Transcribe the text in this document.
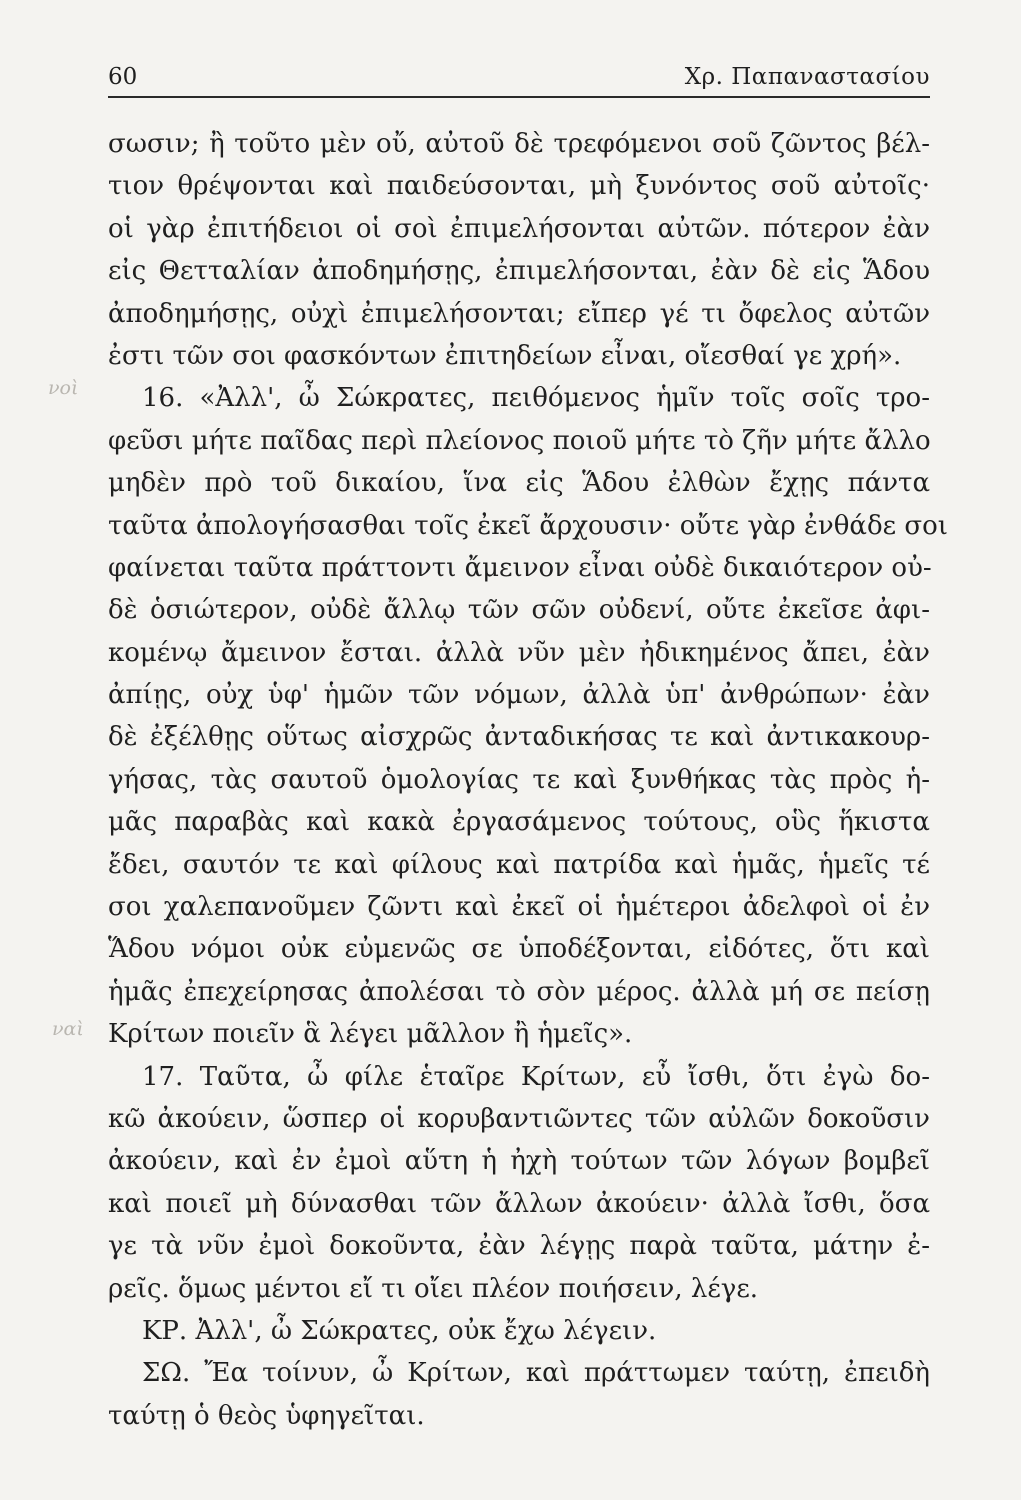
60	Χρ. Παπαναστασίου
νοὶ
ναὶ
σωσιν; ἢ τοῦτο μὲν οὔ, αὐτοῦ δὲ τρεφόμενοι σοῦ ζῶντος βέλ-
τιον θρέψονται καὶ παιδεύσονται, μὴ ξυνόντος σοῦ αὐτοῖς·
οἱ γὰρ ἐπιτήδειοι οἱ σοὶ ἐπιμελήσονται αὐτῶν. πότερον ἐὰν
εἰς Θετταλίαν ἀποδημήσῃς, ἐπιμελήσονται, ἐὰν δὲ εἰς Ἅδου
ἀποδημήσῃς, οὐχὶ ἐπιμελήσονται; εἴπερ γέ τι ὄφελος αὐτῶν
ἐστι τῶν σοι φασκόντων ἐπιτηδείων εἶναι, οἴεσθαί γε χρή».
16. «Ἀλλ', ὦ Σώκρατες, πειθόμενος ἡμῖν τοῖς σοῖς τρο-
φεῦσι μήτε παῖδας περὶ πλείονος ποιοῦ μήτε τὸ ζῆν μήτε ἄλλο
μηδὲν πρὸ τοῦ δικαίου, ἵνα εἰς Ἅδου ἐλθὼν ἔχῃς πάντα
ταῦτα ἀπολογήσασθαι τοῖς ἐκεῖ ἄρχουσιν· οὔτε γὰρ ἐνθάδε σοι
φαίνεται ταῦτα πράττοντι ἄμεινον εἶναι οὐδὲ δικαιότερον οὐ-
δὲ ὁσιώτερον, οὐδὲ ἄλλῳ τῶν σῶν οὐδενί, οὔτε ἐκεῖσε ἀφι-
κομένῳ ἄμεινον ἔσται. ἀλλὰ νῦν μὲν ἠδικημένος ἄπει, ἐὰν
ἀπίῃς, οὐχ ὑφ' ἡμῶν τῶν νόμων, ἀλλὰ ὑπ' ἀνθρώπων· ἐὰν
δὲ ἐξέλθῃς οὕτως αἰσχρῶς ἀνταδικήσας τε καὶ ἀντικακουρ-
γήσας, τὰς σαυτοῦ ὁμολογίας τε καὶ ξυνθήκας τὰς πρὸς ἡ-
μᾶς παραβὰς καὶ κακὰ ἐργασάμενος τούτους, οὓς ἥκιστα
ἔδει, σαυτόν τε καὶ φίλους καὶ πατρίδα καὶ ἡμᾶς, ἡμεῖς τέ
σοι χαλεπανοῦμεν ζῶντι καὶ ἐκεῖ οἱ ἡμέτεροι ἀδελφοὶ οἱ ἐν
Ἅδου νόμοι οὐκ εὐμενῶς σε ὑποδέξονται, εἰδότες, ὅτι καὶ
ἡμᾶς ἐπεχείρησας ἀπολέσαι τὸ σὸν μέρος. ἀλλὰ μή σε πείσῃ
Κρίτων ποιεῖν ἃ λέγει μᾶλλον ἢ ἡμεῖς».
17. Ταῦτα, ὦ φίλε ἑταῖρε Κρίτων, εὖ ἴσθι, ὅτι ἐγὼ δο-
κῶ ἀκούειν, ὥσπερ οἱ κορυβαντιῶντες τῶν αὐλῶν δοκοῦσιν
ἀκούειν, καὶ ἐν ἐμοὶ αὕτη ἡ ἠχὴ τούτων τῶν λόγων βομβεῖ
καὶ ποιεῖ μὴ δύνασθαι τῶν ἄλλων ἀκούειν· ἀλλὰ ἴσθι, ὅσα
γε τὰ νῦν ἐμοὶ δοκοῦντα, ἐὰν λέγῃς παρὰ ταῦτα, μάτην ἐ-
ρεῖς. ὅμως μέντοι εἴ τι οἴει πλέον ποιήσειν, λέγε.
ΚΡ. Ἀλλ', ὦ Σώκρατες, οὐκ ἔχω λέγειν.
ΣΩ. Ἔα τοίνυν, ὦ Κρίτων, καὶ πράττωμεν ταύτῃ, ἐπειδὴ
ταύτῃ ὁ θεὸς ὑφηγεῖται.
